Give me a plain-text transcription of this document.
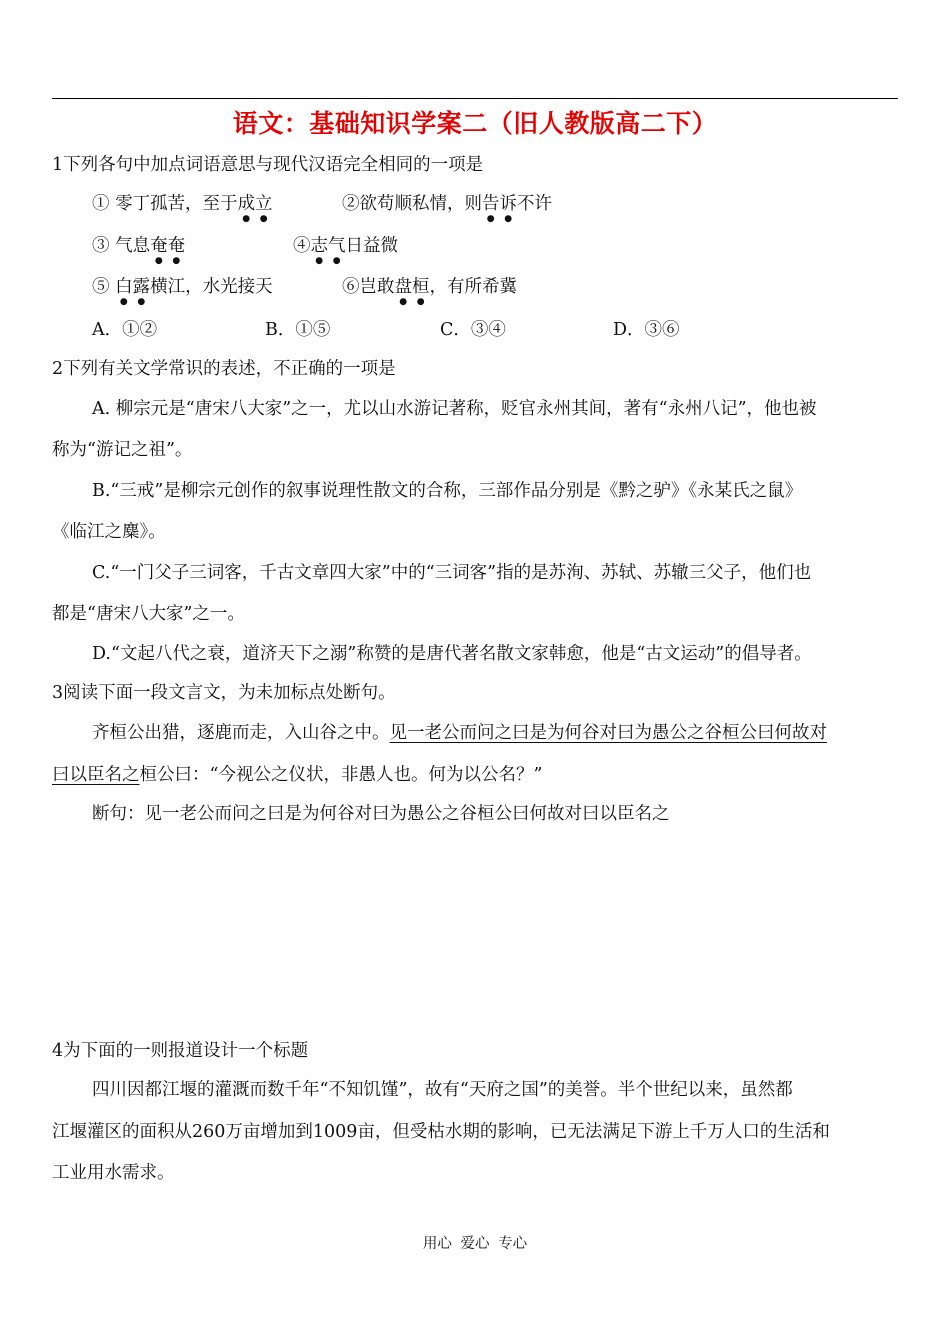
语文：基础知识学案二（旧人教版高二下）
1下列各句中加点词语意思与现代汉语完全相同的一项是
① 零丁孤苦，至于成立	②欲苟顺私情，则告诉不许
③ 气息奄奄	④志气日益微
⑤ 白露横江，水光接天	⑥岂敢盘桓，有所希冀
A．①②	B．①⑤	C．③④	D．③⑥
2下列有关文学常识的表述，不正确的一项是
A. 柳宗元是“唐宋八大家”之一，尤以山水游记著称，贬官永州其间，著有“永州八记”，他也被
称为“游记之祖”。
B.“三戒”是柳宗元创作的叙事说理性散文的合称，三部作品分别是《黔之驴》《永某氏之鼠》
《临江之麋》。
C.“一门父子三词客，千古文章四大家”中的“三词客”指的是苏洵、苏轼、苏辙三父子，他们也
都是“唐宋八大家”之一。
D.“文起八代之衰，道济天下之溺”称赞的是唐代著名散文家韩愈，他是“古文运动”的倡导者。
3阅读下面一段文言文，为未加标点处断句。
齐桓公出猎，逐鹿而走，入山谷之中。见一老公而问之曰是为何谷对曰为愚公之谷桓公曰何故对
曰以臣名之桓公曰：“今视公之仪状，非愚人也。何为以公名？”
断句：见一老公而问之曰是为何谷对曰为愚公之谷桓公曰何故对曰以臣名之
4为下面的一则报道设计一个标题
四川因都江堰的灌溉而数千年“不知饥馑”，故有“天府之国”的美誉。半个世纪以来，虽然都
江堰灌区的面积从260万亩增加到1009亩，但受枯水期的影响，已无法满足下游上千万人口的生活和
工业用水需求。
用心 爱心 专心
